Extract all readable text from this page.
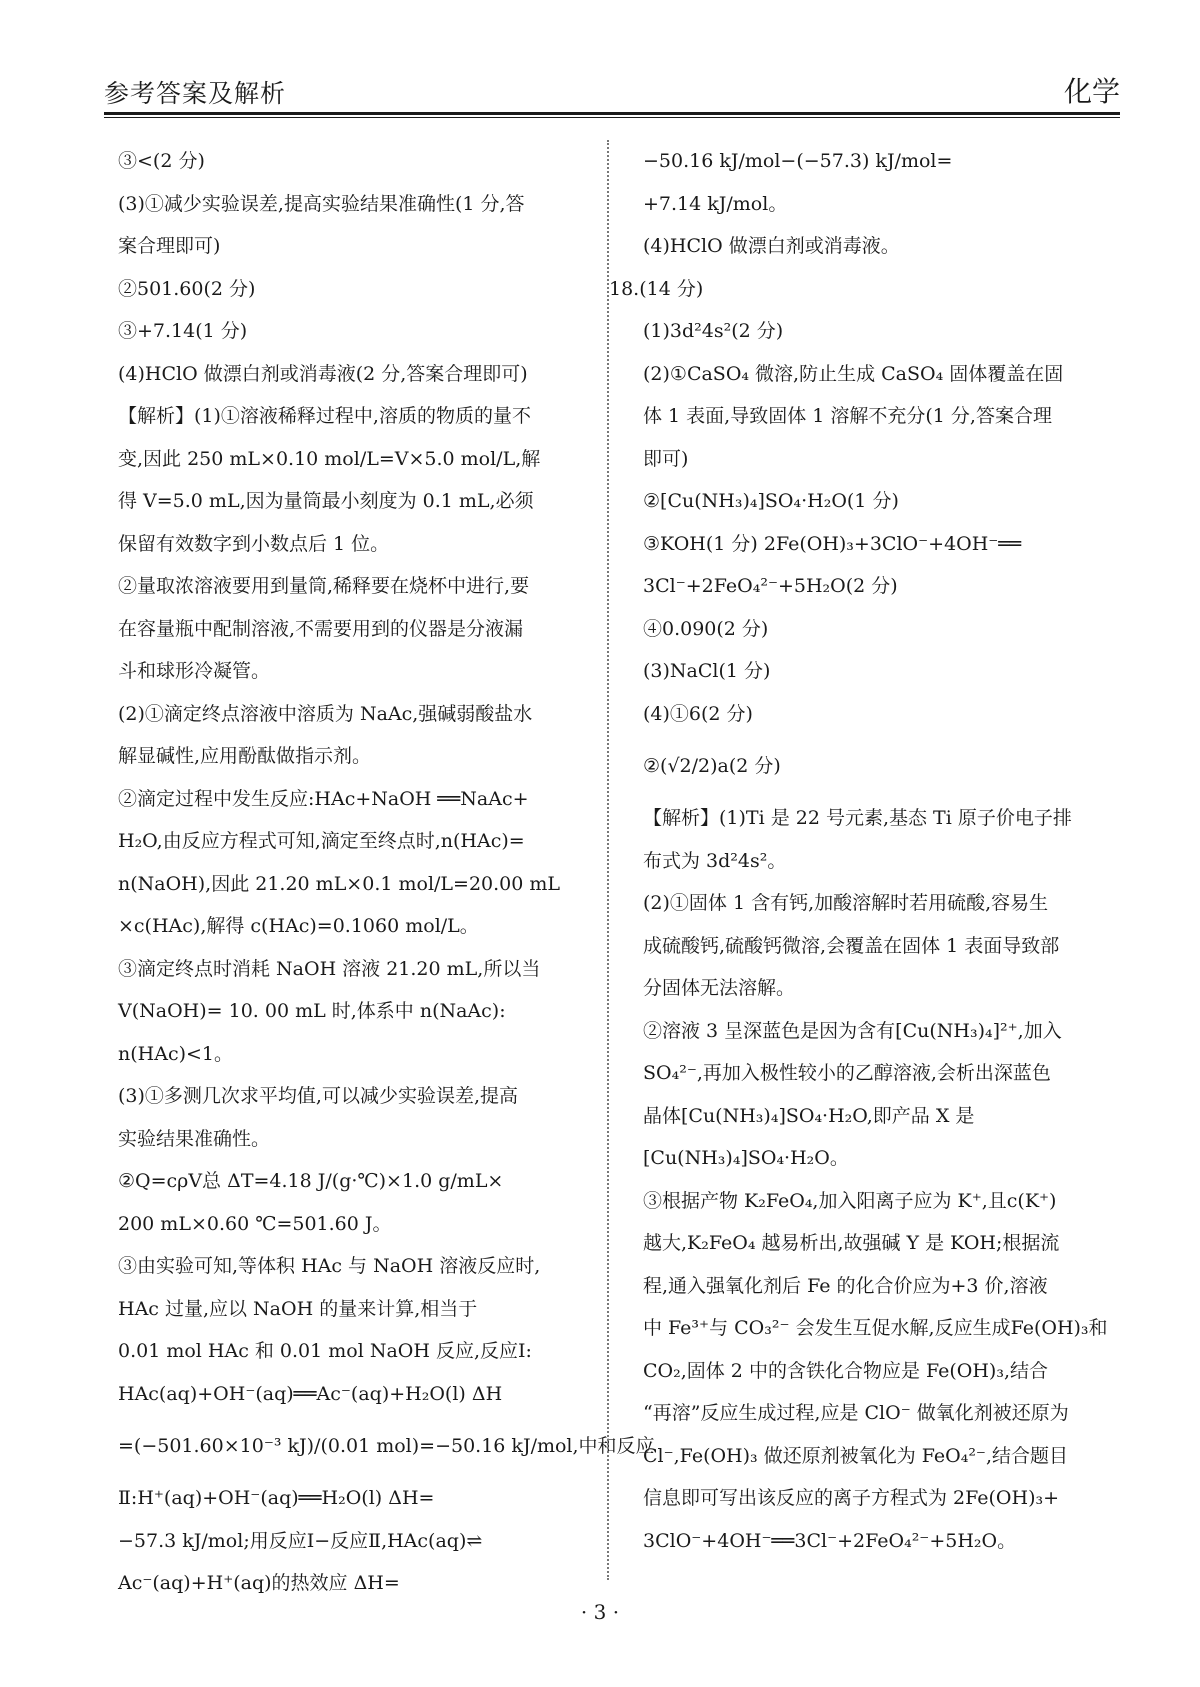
参考答案及解析	化学

③<(2 分)

(3)①减少实验误差,提高实验结果准确性(1 分,答

案合理即可)

②501.60(2 分)

③+7.14(1 分)

(4)HClO 做漂白剂或消毒液(2 分,答案合理即可)

【解析】(1)①溶液稀释过程中,溶质的物质的量不

变,因此 250 mL×0.10 mol/L=V×5.0 mol/L,解

得 V=5.0 mL,因为量筒最小刻度为 0.1 mL,必须

保留有效数字到小数点后 1 位。

②量取浓溶液要用到量筒,稀释要在烧杯中进行,要

在容量瓶中配制溶液,不需要用到的仪器是分液漏

斗和球形冷凝管。

(2)①滴定终点溶液中溶质为 NaAc,强碱弱酸盐水

解显碱性,应用酚酞做指示剂。

②滴定过程中发生反应:HAc+NaOH ══NaAc+

H₂O,由反应方程式可知,滴定至终点时,n(HAc)=

n(NaOH),因此 21.20 mL×0.1 mol/L=20.00 mL

×c(HAc),解得 c(HAc)=0.1060 mol/L。

③滴定终点时消耗 NaOH 溶液 21.20 mL,所以当

V(NaOH)= 10. 00 mL 时,体系中 n(NaAc):

n(HAc)<1。

(3)①多测几次求平均值,可以减少实验误差,提高

实验结果准确性。

②Q=cρV总 ΔT=4.18 J/(g·℃)×1.0 g/mL×

200 mL×0.60 ℃=501.60 J。

③由实验可知,等体积 HAc 与 NaOH 溶液反应时,

HAc 过量,应以 NaOH 的量来计算,相当于

0.01 mol HAc 和 0.01 mol NaOH 反应,反应Ⅰ:

HAc(aq)+OH⁻(aq)══Ac⁻(aq)+H₂O(l) ΔH

=(−501.60×10⁻³ kJ)/(0.01 mol)=−50.16 kJ/mol,中和反应

Ⅱ:H⁺(aq)+OH⁻(aq)══H₂O(l) ΔH=

−57.3 kJ/mol;用反应Ⅰ−反应Ⅱ,HAc(aq)⇌

Ac⁻(aq)+H⁺(aq)的热效应 ΔH=

−50.16 kJ/mol−(−57.3) kJ/mol=

+7.14 kJ/mol。

(4)HClO 做漂白剂或消毒液。

18.(14 分)

(1)3d²4s²(2 分)

(2)①CaSO₄ 微溶,防止生成 CaSO₄ 固体覆盖在固

体 1 表面,导致固体 1 溶解不充分(1 分,答案合理

即可)

②[Cu(NH₃)₄]SO₄·H₂O(1 分)

③KOH(1 分) 2Fe(OH)₃+3ClO⁻+4OH⁻══

3Cl⁻+2FeO₄²⁻+5H₂O(2 分)

④0.090(2 分)

(3)NaCl(1 分)

(4)①6(2 分)

②(√2/2)a(2 分)

【解析】(1)Ti 是 22 号元素,基态 Ti 原子价电子排

布式为 3d²4s²。

(2)①固体 1 含有钙,加酸溶解时若用硫酸,容易生

成硫酸钙,硫酸钙微溶,会覆盖在固体 1 表面导致部

分固体无法溶解。

②溶液 3 呈深蓝色是因为含有[Cu(NH₃)₄]²⁺,加入

SO₄²⁻,再加入极性较小的乙醇溶液,会析出深蓝色

晶体[Cu(NH₃)₄]SO₄·H₂O,即产品 X 是

[Cu(NH₃)₄]SO₄·H₂O。

③根据产物 K₂FeO₄,加入阳离子应为 K⁺,且c(K⁺)

越大,K₂FeO₄ 越易析出,故强碱 Y 是 KOH;根据流

程,通入强氧化剂后 Fe 的化合价应为+3 价,溶液

中 Fe³⁺与 CO₃²⁻ 会发生互促水解,反应生成Fe(OH)₃和

CO₂,固体 2 中的含铁化合物应是 Fe(OH)₃,结合

“再溶”反应生成过程,应是 ClO⁻ 做氧化剂被还原为

Cl⁻,Fe(OH)₃ 做还原剂被氧化为 FeO₄²⁻,结合题目

信息即可写出该反应的离子方程式为 2Fe(OH)₃+

3ClO⁻+4OH⁻══3Cl⁻+2FeO₄²⁻+5H₂O。

· 3 ·
